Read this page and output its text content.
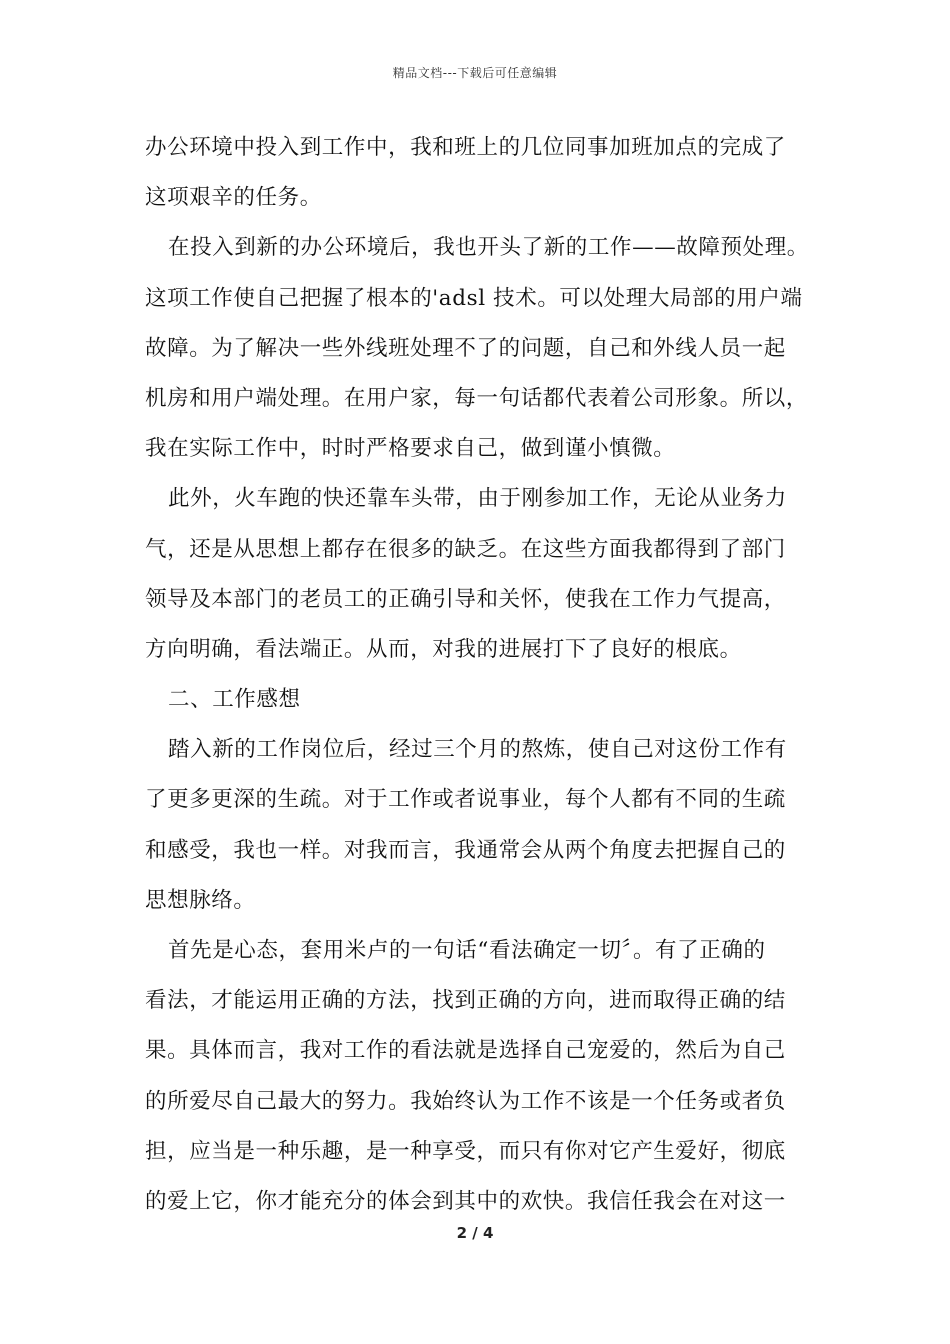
精品文档---下载后可任意编辑
办公环境中投入到工作中，我和班上的几位同事加班加点的完成了
这项艰辛的任务。
在投入到新的办公环境后，我也开头了新的工作——故障预处理。
这项工作使自己把握了根本的'adsl 技术。可以处理大局部的用户端
故障。为了解决一些外线班处理不了的问题，自己和外线人员一起
机房和用户端处理。在用户家，每一句话都代表着公司形象。所以，
我在实际工作中，时时严格要求自己，做到谨小慎微。
此外，火车跑的快还靠车头带，由于刚参加工作，无论从业务力
气，还是从思想上都存在很多的缺乏。在这些方面我都得到了部门
领导及本部门的老员工的正确引导和关怀，使我在工作力气提高，
方向明确，看法端正。从而，对我的进展打下了良好的根底。
二、工作感想
踏入新的工作岗位后，经过三个月的熬炼，使自己对这份工作有
了更多更深的生疏。对于工作或者说事业，每个人都有不同的生疏
和感受，我也一样。对我而言，我通常会从两个角度去把握自己的
思想脉络。
首先是心态，套用米卢的一句话“看法确定一切〞。有了正确的
看法，才能运用正确的方法，找到正确的方向，进而取得正确的结
果。具体而言，我对工作的看法就是选择自己宠爱的，然后为自己
的所爱尽自己最大的努力。我始终认为工作不该是一个任务或者负
担，应当是一种乐趣，是一种享受，而只有你对它产生爱好，彻底
的爱上它，你才能充分的体会到其中的欢快。我信任我会在对这一
2 / 4
